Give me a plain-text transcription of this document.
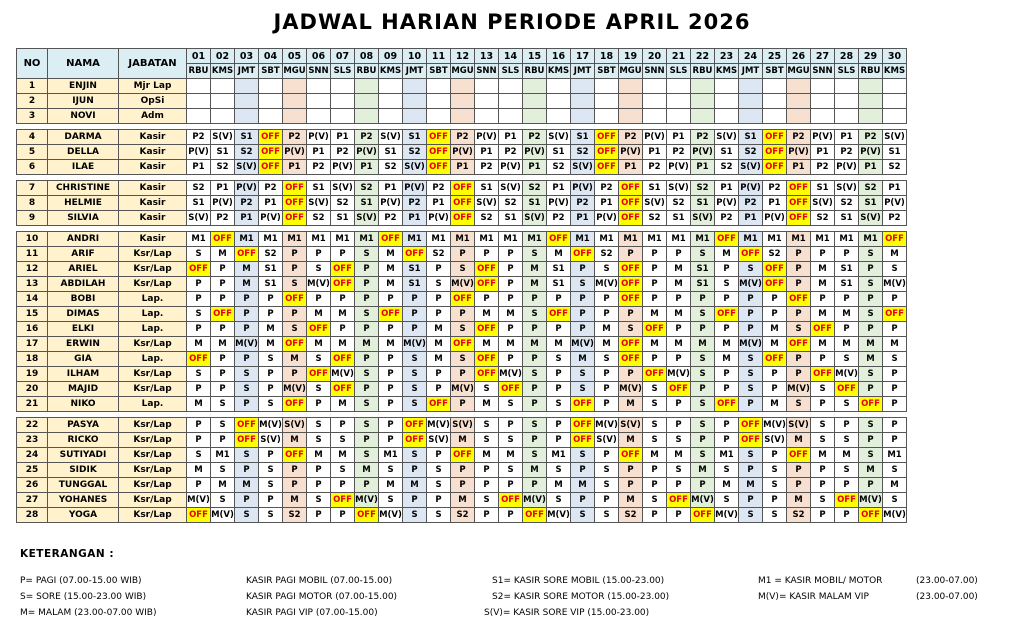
JADWAL HARIAN PERIODE APRIL 2026
NO	NAMA	JABATAN	01	02	03	04	05	06	07	08	09	10	11	12	13	14	15	16	17	18	19	20	21	22	23	24	25	26	27	28	29	30
			RBU	KMS	JMT	SBT	MGU	SNN	SLS	RBU	KMS	JMT	SBT	MGU	SNN	SLS	RBU	KMS	JMT	SBT	MGU	SNN	SLS	RBU	KMS	JMT	SBT	MGU	SNN	SLS	RBU	KMS
1	ENJIN	Mjr Lap																														
2	IJUN	OpSi																														
3	NOVI	Adm																														

4	DARMA	Kasir	P2	S(V)	S1	OFF	P2	P(V)	P1	P2	S(V)	S1	OFF	P2	P(V)	P1	P2	S(V)	S1	OFF	P2	P(V)	P1	P2	S(V)	S1	OFF	P2	P(V)	P1	P2	S(V)
5	DELLA	Kasir	P(V)	S1	S2	OFF	P(V)	P1	P2	P(V)	S1	S2	OFF	P(V)	P1	P2	P(V)	S1	S2	OFF	P(V)	P1	P2	P(V)	S1	S2	OFF	P(V)	P1	P2	P(V)	S1
6	ILAE	Kasir	P1	S2	S(V)	OFF	P1	P2	P(V)	P1	S2	S(V)	OFF	P1	P2	P(V)	P1	S2	S(V)	OFF	P1	P2	P(V)	P1	S2	S(V)	OFF	P1	P2	P(V)	P1	S2

7	CHRISTINE	Kasir	S2	P1	P(V)	P2	OFF	S1	S(V)	S2	P1	P(V)	P2	OFF	S1	S(V)	S2	P1	P(V)	P2	OFF	S1	S(V)	S2	P1	P(V)	P2	OFF	S1	S(V)	S2	P1
8	HELMIE	Kasir	S1	P(V)	P2	P1	OFF	S(V)	S2	S1	P(V)	P2	P1	OFF	S(V)	S2	S1	P(V)	P2	P1	OFF	S(V)	S2	S1	P(V)	P2	P1	OFF	S(V)	S2	S1	P(V)
9	SILVIA	Kasir	S(V)	P2	P1	P(V)	OFF	S2	S1	S(V)	P2	P1	P(V)	OFF	S2	S1	S(V)	P2	P1	P(V)	OFF	S2	S1	S(V)	P2	P1	P(V)	OFF	S2	S1	S(V)	P2

10	ANDRI	Kasir	M1	OFF	M1	M1	M1	M1	M1	M1	OFF	M1	M1	M1	M1	M1	M1	OFF	M1	M1	M1	M1	M1	M1	OFF	M1	M1	M1	M1	M1	M1	OFF
11	ARIF	Ksr/Lap	S	M	OFF	S2	P	P	P	S	M	OFF	S2	P	P	P	S	M	OFF	S2	P	P	P	S	M	OFF	S2	P	P	P	S	M
12	ARIEL	Ksr/Lap	OFF	P	M	S1	P	S	OFF	P	M	S1	P	S	OFF	P	M	S1	P	S	OFF	P	M	S1	P	S	OFF	P	M	S1	P	S
13	ABDILAH	Ksr/Lap	P	P	M	S1	S	M(V)	OFF	P	M	S1	S	M(V)	OFF	P	M	S1	S	M(V)	OFF	P	M	S1	S	M(V)	OFF	P	M	S1	S	M(V)
14	BOBI	Lap.	P	P	P	P	OFF	P	P	P	P	P	P	OFF	P	P	P	P	P	P	OFF	P	P	P	P	P	P	OFF	P	P	P	P
15	DIMAS	Lap.	S	OFF	P	P	P	M	M	S	OFF	P	P	P	M	M	S	OFF	P	P	P	M	M	S	OFF	P	P	P	M	M	S	OFF
16	ELKI	Lap.	P	P	P	M	S	OFF	P	P	P	P	M	S	OFF	P	P	P	P	M	S	OFF	P	P	P	P	M	S	OFF	P	P	P
17	ERWIN	Ksr/Lap	M	M	M(V)	M	OFF	M	M	M	M	M(V)	M	OFF	M	M	M	M	M(V)	M	OFF	M	M	M	M	M(V)	M	OFF	M	M	M	M
18	GIA	Lap.	OFF	P	P	S	M	S	OFF	P	P	S	M	S	OFF	P	P	S	M	S	OFF	P	P	S	M	S	OFF	P	P	S	M	S
19	ILHAM	Ksr/Lap	S	P	S	P	P	OFF	M(V)	S	P	S	P	P	OFF	M(V)	S	P	S	P	P	OFF	M(V)	S	P	S	P	P	OFF	M(V)	S	P
20	MAJID	Ksr/Lap	P	P	S	P	M(V)	S	OFF	P	P	S	P	M(V)	S	OFF	P	P	S	P	M(V)	S	OFF	P	P	S	P	M(V)	S	OFF	P	P
21	NIKO	Lap.	M	S	P	S	OFF	P	M	S	P	S	OFF	P	M	S	P	S	OFF	P	M	S	P	S	OFF	P	M	S	P	S	OFF	P

22	PASYA	Ksr/Lap	P	S	OFF	M(V)	S(V)	S	P	S	P	OFF	M(V)	S(V)	S	P	S	P	OFF	M(V)	S(V)	S	P	S	P	OFF	M(V)	S(V)	S	P	S	P
23	RICKO	Ksr/Lap	P	P	OFF	S(V)	M	S	S	P	P	OFF	S(V)	M	S	S	P	P	OFF	S(V)	M	S	S	P	P	OFF	S(V)	M	S	S	P	P
24	SUTIYADI	Ksr/Lap	S	M1	S	P	OFF	M	M	S	M1	S	P	OFF	M	M	S	M1	S	P	OFF	M	M	S	M1	S	P	OFF	M	M	S	M1
25	SIDIK	Ksr/Lap	M	S	P	S	P	P	S	M	S	P	S	P	P	S	M	S	P	S	P	P	S	M	S	P	S	P	P	S	M	S
26	TUNGGAL	Ksr/Lap	P	M	M	S	P	P	P	P	M	M	S	P	P	P	P	M	M	S	P	P	P	P	M	M	S	P	P	P	P	M
27	YOHANES	Ksr/Lap	M(V)	S	P	P	M	S	OFF	M(V)	S	P	P	M	S	OFF	M(V)	S	P	P	M	S	OFF	M(V)	S	P	P	M	S	OFF	M(V)	S
28	YOGA	Ksr/Lap	OFF	M(V)	S	S	S2	P	P	OFF	M(V)	S	S	S2	P	P	OFF	M(V)	S	S	S2	P	P	OFF	M(V)	S	S	S2	P	P	OFF	M(V)
KETERANGAN :
P= PAGI (07.00-15.00 WIB)
S= SORE (15.00-23.00 WIB)
M= MALAM (23.00-07.00 WIB)
KASIR PAGI MOBIL (07.00-15.00)
KASIR PAGI MOTOR (07.00-15.00)
KASIR PAGI VIP (07.00-15.00)
S1= KASIR SORE MOBIL (15.00-23.00)
S2= KASIR SORE MOTOR (15.00-23.00)
S(V)= KASIR SORE VIP (15.00-23.00)
M1 = KASIR MOBIL/ MOTOR	(23.00-07.00)
M(V)= KASIR MALAM VIP	(23.00-07.00)
